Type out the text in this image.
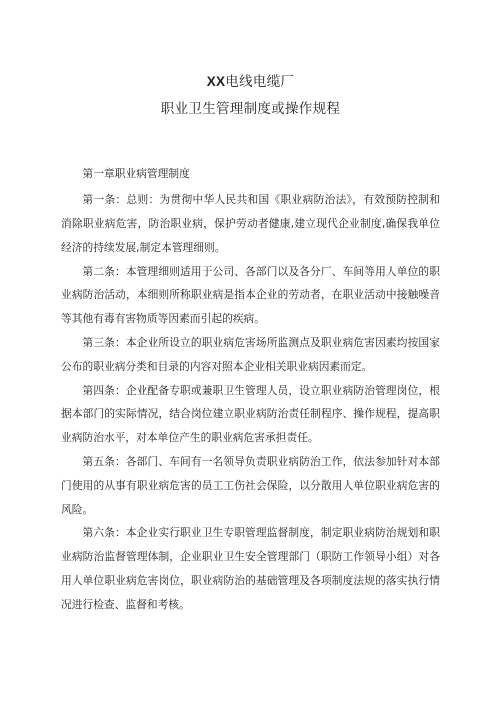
XX电线电缆厂
职业卫生管理制度或操作规程

第一章职业病管理制度

第一条：总则：为贯彻中华人民共和国《职业病防治法》，有效预防控制和消除职业病危害，防治职业病，保护劳动者健康,建立现代企业制度,确保我单位经济的持续发展,制定本管理细则。

第二条：本管理细则适用于公司、各部门以及各分厂、车间等用人单位的职业病防治活动，本细则所称职业病是指本企业的劳动者，在职业活动中接触噪音等其他有毒有害物质等因素而引起的疾病。

第三条：本企业所设立的职业病危害场所监测点及职业病危害因素均按国家公布的职业病分类和目录的内容对照本企业相关职业病因素而定。

第四条：企业配备专职或兼职卫生管理人员，设立职业病防治管理岗位，根据本部门的实际情况，结合岗位建立职业病防治责任制程序、操作规程，提高职业病防治水平，对本单位产生的职业病危害承担责任。

第五条：各部门、车间有一名领导负责职业病防治工作，依法参加针对本部门使用的从事有职业病危害的员工工伤社会保险，以分散用人单位职业病危害的风险。

第六条：本企业实行职业卫生专职管理监督制度，制定职业病防治规划和职业病防治监督管理体制，企业职业卫生安全管理部门（职防工作领导小组）对各用人单位职业病危害岗位，职业病防治的基础管理及各项制度法规的落实执行情况进行检查、监督和考核。
